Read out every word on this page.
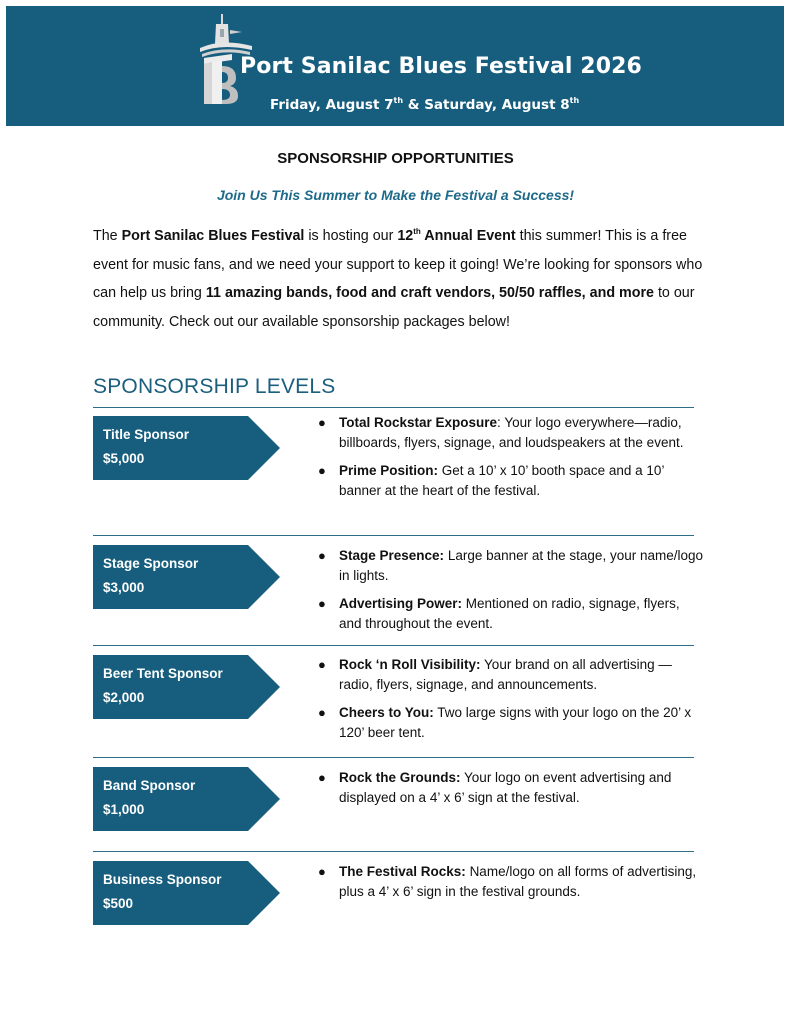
Port Sanilac Blues Festival 2026
Friday, August 7th & Saturday, August 8th
SPONSORSHIP OPPORTUNITIES
Join Us This Summer to Make the Festival a Success!
The Port Sanilac Blues Festival is hosting our 12th Annual Event this summer! This is a free event for music fans, and we need your support to keep it going! We’re looking for sponsors who can help us bring 11 amazing bands, food and craft vendors, 50/50 raffles, and more to our community. Check out our available sponsorship packages below!
SPONSORSHIP LEVELS
Title Sponsor
$5,000
● Total Rockstar Exposure: Your logo everywhere—radio, billboards, flyers, signage, and loudspeakers at the event.
● Prime Position: Get a 10’ x 10’ booth space and a 10’ banner at the heart of the festival.
Stage Sponsor
$3,000
● Stage Presence: Large banner at the stage, your name/logo in lights.
● Advertising Power: Mentioned on radio, signage, flyers, and throughout the event.
Beer Tent Sponsor
$2,000
● Rock ‘n Roll Visibility: Your brand on all advertising — radio, flyers, signage, and announcements.
● Cheers to You: Two large signs with your logo on the 20’ x 120’ beer tent.
Band Sponsor
$1,000
● Rock the Grounds: Your logo on event advertising and displayed on a 4’ x 6’ sign at the festival.
Business Sponsor
$500
● The Festival Rocks: Name/logo on all forms of advertising, plus a 4’ x 6’ sign in the festival grounds.
